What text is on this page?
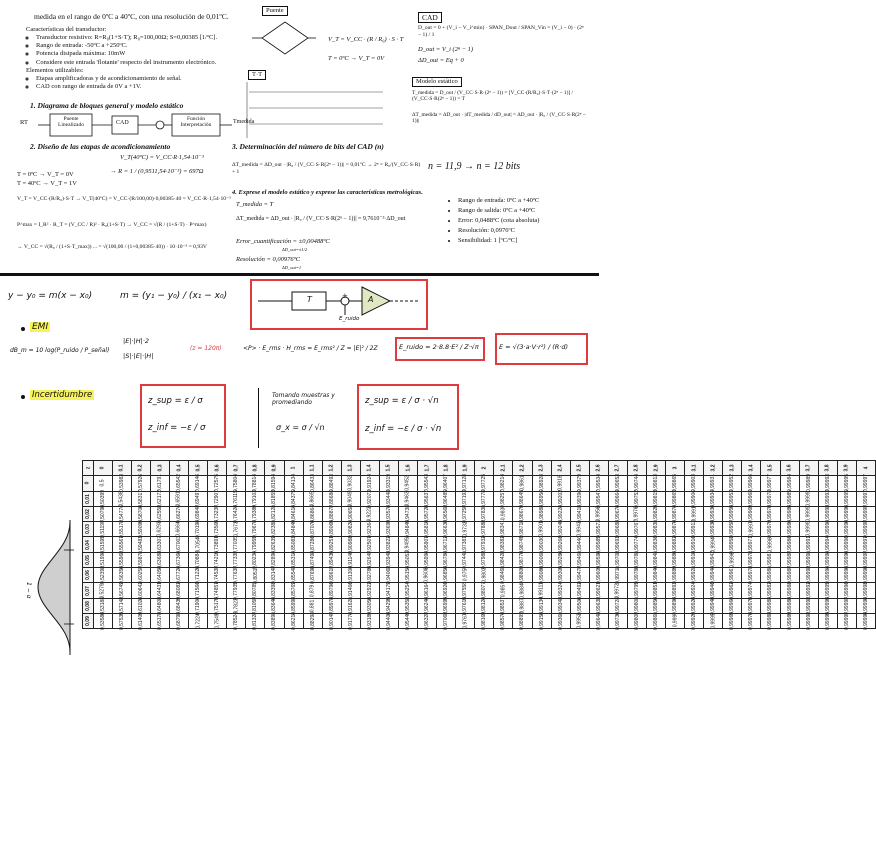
medida en el rango de 0ºC a 40ºC, con una resolución de 0,01ºC.
Características del transductor:
◦ Transductor resistivo: R=R₀(1+S·T); R₀=100,00Ω; S=0,00385 [1/ºC].
◦ Rango de entrada: -50ºC a +250ºC.
◦ Potencia disipada máxima: 10mW
◦ Considere este entrada 'flotante' respecto del instrumento electrónico.
Elementos utilizables:
◦ Etapas amplificadoras y de acondicionamiento de señal.
◦ CAD con rango de entrada de 0V a +1V.
1. Diagrama de bloques general y modelo estático
RT	Puente Linealizado	CAD
Función Interpretación
Tmedida
2. Diseño de las etapas de acondicionamiento
V_T(40ºC) = V_CC·R·1,54·10⁻³
T = 0ºC → V_T = 0V
T = 40ºC → V_T = 1V
→ R = 1 / (0,9511,54·10⁻³) = 697Ω
V_T = V_CC·(R/R₀)·S·T → V_T(40ºC) = V_CC·(R/100,00)·0,00385·40 = V_CC·R·1,54·10⁻³
P^max = I_R² · R_T = (V_CC / R)² · R₀(1+S·T) → V_CC = √(R / (1+S·T) · P^max)
→ V_CC = √(R₀ / (1+S·T_max)) ... = √(100,00 / (1+0,00385·40)) · 10·10⁻³ = 0,93V
Puente
V_T = V_CC · (R / R₀) · S · T
T = 0ºC → V_T = 0V
T·T
CAD
D_out = 0 + (V_i − V_i^min) · SPAN_Dout / SPAN_Vin = (V_i − 0) · (2ⁿ − 1) / 1
D_out = V_i (2ⁿ − 1)
ΔD_out = Eq + 0
Modelo estático
T_medida = D_out / (V_CC·S·R·(2ⁿ − 1)) = [V_CC·(R/R₀)·S·T·(2ⁿ − 1)] / (V_CC·S·R(2ⁿ − 1)) = T
ΔT_medida = ΔD_out · |dT_medida / dD_out| = ΔD_out · |R₀ / (V_CC·S·R(2ⁿ − 1))|
3. Determinación del número de bits del CAD (n)
ΔT_medida = ΔD_out · |R₀ / (V_CC·S·R(2ⁿ − 1))| = 0,01ºC → 2ⁿ = R₀/(V_CC·S·R) + 1	n = 11,9 → n = 12 bits
4. Exprese el modelo estático y exprese las características metrológicas.
T_medida = T
ΔT_medida = ΔD_out · |R₀ / (V_CC·S·R(2ⁿ − 1))| = 9,7610⁻³·ΔD_out
Error_cuantificación = ±0,00488ºC
ΔD_out=±1/2
Resolución = 0,00976ºC
ΔD_out=1
• Rango de entrada: 0ºC a +40ºC
• Rango de salida: 0ºC a +40ºC
• Error: 0,0488ºC (cota absoluta)
• Resolución: 0,0976ºC
• Sensibilidad: 1 [ºC/ºC]
y − y₀ = m(x − x₀)	m = (y₁ − y₀) / (x₁ − x₀)	T	+	A
E_ruido
EMI
dB_m = 10 log(P_ruido / P_señal)
|E|·|H|·2
|S|·|E|·|H|
(z = 120π)	<P> · E_rms · H_rms = E_rms² / Z = |E|² / 2Z	E_ruido = 2·8.8·E² / Z·√π	E = √(3·a·V·r²) / (R·d)
Incertidumbre
z_sup = ε / σ
z_inf = −ε / σ
Tomando muestras y promediando
σ_x = σ / √n
z_sup = ε / σ · √n
z_inf = −ε / σ · √n
1 − α
z	0	0,1	0,2	0,3	0,4	0,5	0,6	0,7	0,8	0,9	1	1,1	1,2	1,3	1,4	1,5	1,6	1,7	1,8	1,9	2	2,1	2,2	2,3	2,4	2,5	2,6	2,7	2,8	2,9	3	3,1	3,2	3,3	3,4	3,5	3,6	3,7	3,8	3,9	4
0	0,5	0,53983	0,57926	0,61791	0,65542	0,69146	0,72575	0,75804	0,78814	0,81594	0,84134	0,86433	0,88493	0,9032	0,91924	0,93319	0,9452	0,95543	0,96407	0,97128	0,97725	0,98214	0,9861	0,98928	0,9918	0,99379	0,99534	0,99653	0,99744	0,99813	0,99865	0,99903	0,99931	0,99952	0,99966	0,99977	0,99984	0,99989	0,99993	0,99995	0,99997
0,01	0,50399	0,5438	0,58317	0,62172	0,6591	0,69497	0,72907	0,76115	0,79103	0,81859	0,84375	0,8665	0,88686	0,9049	0,92073	0,93448	0,9463	0,95637	0,96485	0,97193	0,97778	0,98257	0,98645	0,98956	0,99202	0,99396	0,99547	0,99664	0,99752	0,99819	0,99869	0,99906	0,99934	0,99953	0,99968	0,99978	0,99985	0,9999	0,99993	0,99995	0,99997
0,02	0,50798	0,54776	0,58706	0,62552	0,66276	0,69847	0,73237	0,76424	0,79389	0,82121	0,84614	0,86864	0,88877	0,90658	0,9222	0,93574	0,94738	0,95728	0,96562	0,97257	0,97831	0,983	0,98679	0,98983	0,99224	0,99413	0,9956	0,99674	0,9976	0,99825	0,99874	0,9991	0,99936	0,99955	0,99969	0,99978	0,99985	0,9999	0,99993	0,99996	0,99997
0,03	0,51197	0,55172	0,59095	0,6293	0,6664	0,70194	0,73565	0,7673	0,79673	0,82381	0,84849	0,87076	0,89065	0,90824	0,92364	0,93699	0,94845	0,95818	0,96638	0,9732	0,97882	0,98341	0,98713	0,9901	0,99245	0,9943	0,99573	0,99683	0,99767	0,99831	0,99878	0,99913	0,99938	0,99957	0,9997	0,99979	0,99986	0,9999	0,99994	0,99996	0,99997
0,04	0,51595	0,55567	0,59483	0,63307	0,67003	0,7054	0,73891	0,77035	0,79955	0,82639	0,85083	0,87286	0,89251	0,90988	0,92507	0,93822	0,9495	0,95907	0,96712	0,97381	0,97932	0,98382	0,98745	0,99036	0,99266	0,99446	0,99585	0,99693	0,99774	0,99836	0,99882	0,99916	0,9994	0,99958	0,99971	0,9998	0,99986	0,99991	0,99994	0,99996	0,99997
0,05	0,51994	0,55962	0,59871	0,63683	0,67364	0,70884	0,74215	0,77337	0,80234	0,82894	0,85314	0,87493	0,89435	0,91149	0,92647	0,93943	0,95053	0,95994	0,96784	0,97441	0,97982	0,98422	0,98778	0,99061	0,99286	0,99461	0,99598	0,99702	0,99781	0,99841	0,99886	0,99918	0,99942	0,9996	0,99972	0,99981	0,99987	0,99991	0,99994	0,99996	0,99997
0,06	0,52392	0,56356	0,60257	0,64058	0,67724	0,71226	0,74537	0,77637	0,80511	0,83147	0,85543	0,87698	0,89617	0,91308	0,92785	0,94062	0,95154	0,9608	0,96856	0,975	0,9803	0,98461	0,98809	0,99086	0,99305	0,99477	0,99609	0,99711	0,99788	0,99846	0,99889	0,99921	0,99944	0,99961	0,99973	0,99981	0,99987	0,99992	0,99994	0,99996	0,99998
0,07	0,5279	0,56749	0,60642	0,64431	0,68082	0,71566	0,74857	0,77935	0,80785	0,83398	0,85769	0,879	0,89796	0,91466	0,92922	0,94179	0,95254	0,96164	0,96926	0,97558	0,98077	0,985	0,9884	0,99111	0,99324	0,99492	0,99621	0,9972	0,99795	0,99851	0,99893	0,99924	0,99946	0,99962	0,99974	0,99982	0,99988	0,99992	0,99995	0,99996	0,99998
0,08	0,53188	0,57142	0,61026	0,64803	0,68439	0,71904	0,75175	0,7823	0,81057	0,83646	0,85993	0,881	0,89973	0,91621	0,93056	0,94295	0,95352	0,96246	0,96995	0,97615	0,98124	0,98537	0,9887	0,99134	0,99343	0,99506	0,99632	0,99728	0,99801	0,99856	0,99896	0,99926	0,99948	0,99964	0,99975	0,99983	0,99988	0,99992	0,99995	0,99997	0,99998
0,09	0,53586	0,57535	0,61409	0,65173	0,68793	0,7224	0,7549	0,78524	0,81327	0,83891	0,86214	0,88298	0,90147	0,91774	0,93189	0,94408	0,95449	0,96327	0,97062	0,9767	0,98169	0,98574	0,98899	0,99158	0,99361	0,9952	0,99643	0,99736	0,99807	0,99861	0,999	0,99929	0,9995	0,99965	0,99976	0,99983	0,99989	0,99992	0,99995	0,99997	0,99998
